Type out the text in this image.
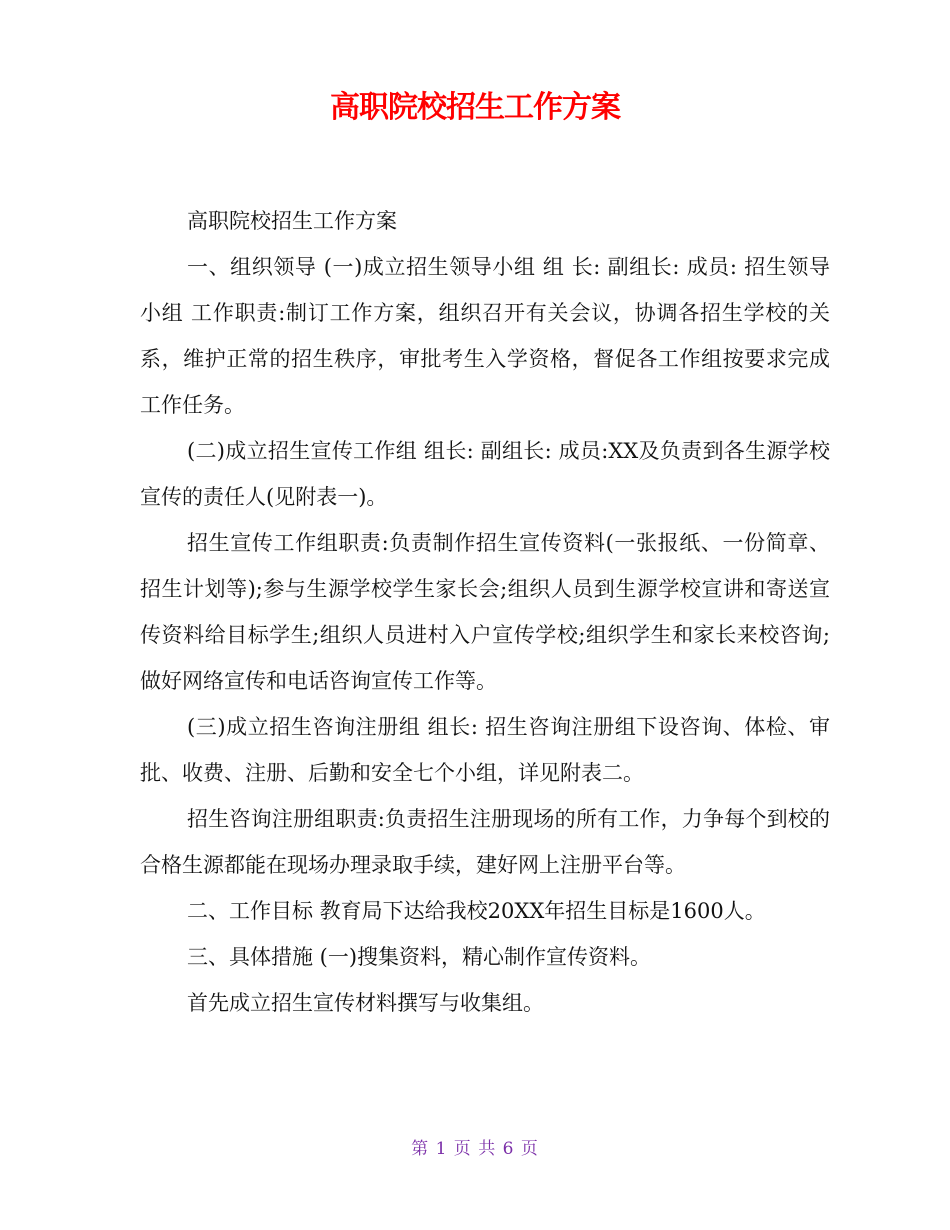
高职院校招生工作方案

高职院校招生工作方案

一、组织领导 (一)成立招生领导小组 组 长: 副组长: 成员: 招生领导小组 工作职责:制订工作方案，组织召开有关会议，协调各招生学校的关系，维护正常的招生秩序，审批考生入学资格，督促各工作组按要求完成工作任务。

(二)成立招生宣传工作组 组长: 副组长: 成员:XX及负责到各生源学校宣传的责任人(见附表一)。

招生宣传工作组职责:负责制作招生宣传资料(一张报纸、一份简章、招生计划等);参与生源学校学生家长会;组织人员到生源学校宣讲和寄送宣传资料给目标学生;组织人员进村入户宣传学校;组织学生和家长来校咨询;做好网络宣传和电话咨询宣传工作等。

(三)成立招生咨询注册组 组长: 招生咨询注册组下设咨询、体检、审批、收费、注册、后勤和安全七个小组，详见附表二。

招生咨询注册组职责:负责招生注册现场的所有工作，力争每个到校的合格生源都能在现场办理录取手续，建好网上注册平台等。

二、工作目标 教育局下达给我校20XX年招生目标是1600人。

三、具体措施 (一)搜集资料，精心制作宣传资料。

首先成立招生宣传材料撰写与收集组。

第 1 页 共 6 页
